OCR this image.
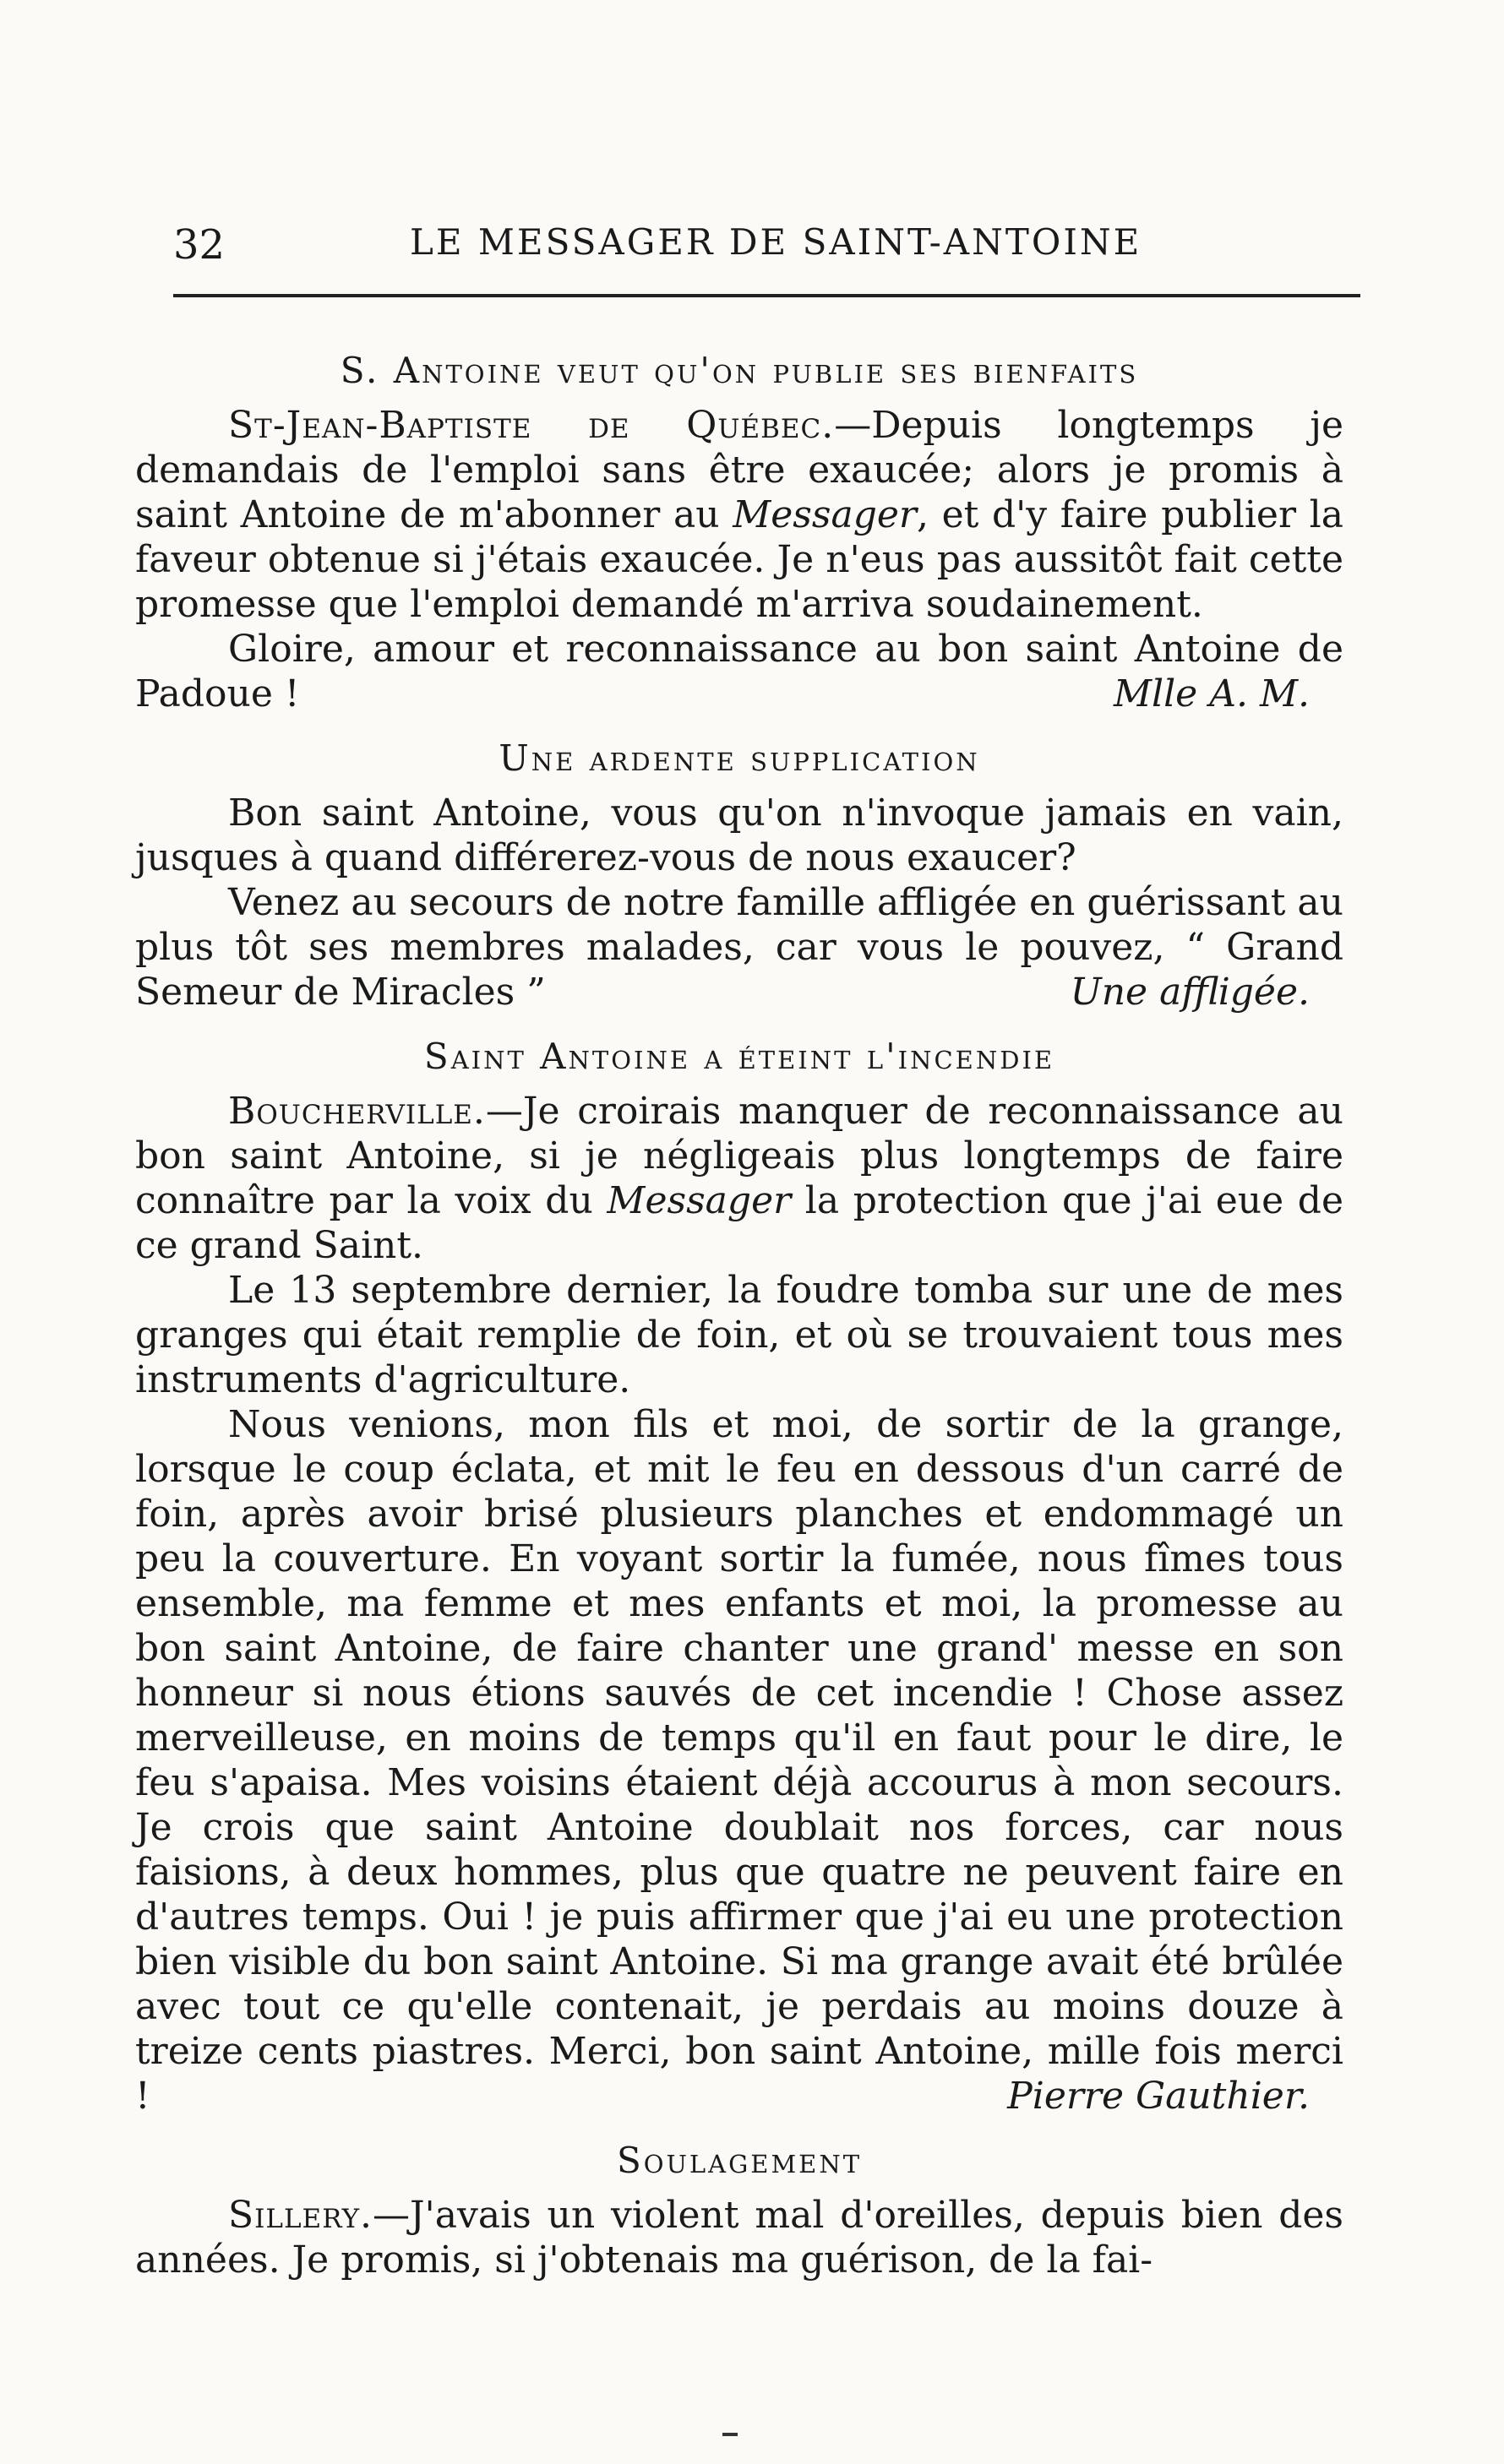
32	LE MESSAGER DE SAINT-ANTOINE
S. Antoine veut qu'on publie ses bienfaits

St-Jean-Baptiste de Québec.—Depuis longtemps je demandais de l'emploi sans être exaucée; alors je promis à saint Antoine de m'abonner au Messager, et d'y faire publier la faveur obtenue si j'étais exaucée. Je n'eus pas aussitôt fait cette promesse que l'emploi demandé m'arriva soudainement.

Gloire, amour et reconnaissance au bon saint Antoine de Padoue !	Mlle A. M.

Une ardente supplication

Bon saint Antoine, vous qu'on n'invoque jamais en vain, jusques à quand différerez-vous de nous exaucer?

Venez au secours de notre famille affligée en guérissant au plus tôt ses membres malades, car vous le pouvez, “ Grand Semeur de Miracles ”	Une affligée.

Saint Antoine a éteint l'incendie

Boucherville.—Je croirais manquer de reconnaissance au bon saint Antoine, si je négligeais plus longtemps de faire connaître par la voix du Messager la protection que j'ai eue de ce grand Saint.

Le 13 septembre dernier, la foudre tomba sur une de mes granges qui était remplie de foin, et où se trouvaient tous mes instruments d'agriculture.

Nous venions, mon fils et moi, de sortir de la grange, lorsque le coup éclata, et mit le feu en dessous d'un carré de foin, après avoir brisé plusieurs planches et endommagé un peu la couverture. En voyant sortir la fumée, nous fîmes tous ensemble, ma femme et mes enfants et moi, la promesse au bon saint Antoine, de faire chanter une grand' messe en son honneur si nous étions sauvés de cet incendie ! Chose assez merveilleuse, en moins de temps qu'il en faut pour le dire, le feu s'apaisa. Mes voisins étaient déjà accourus à mon secours. Je crois que saint Antoine doublait nos forces, car nous faisions, à deux hommes, plus que quatre ne peuvent faire en d'autres temps. Oui ! je puis affirmer que j'ai eu une protection bien visible du bon saint Antoine. Si ma grange avait été brûlée avec tout ce qu'elle contenait, je perdais au moins douze à treize cents piastres. Merci, bon saint Antoine, mille fois merci !	Pierre Gauthier.

Soulagement

Sillery.—J'avais un violent mal d'oreilles, depuis bien des années. Je promis, si j'obtenais ma guérison, de la fai-
